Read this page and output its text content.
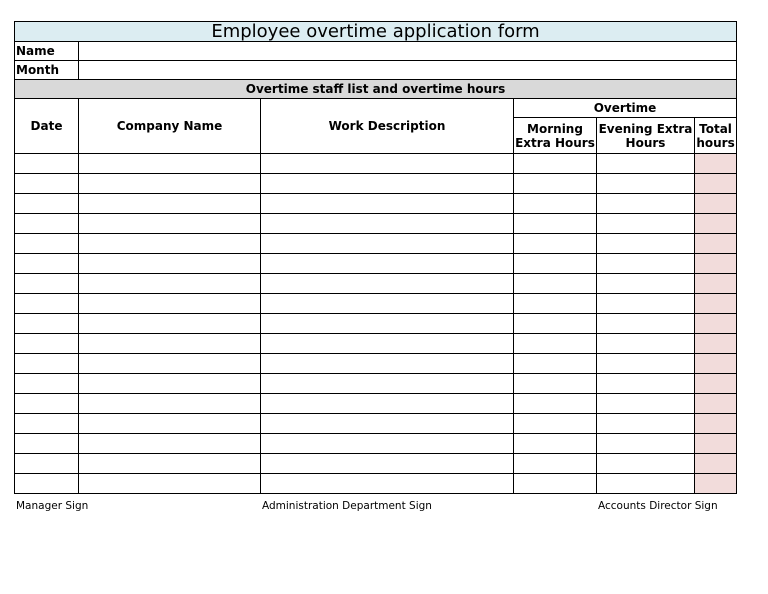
Employee overtime application form					
Name					
Month					
Overtime staff list and overtime hours					
Date	Company Name	Work Description	Overtime		
			Morning Extra Hours	Evening Extra Hours	Total hours

Manager Sign	Administration Department Sign	Accounts Director Sign
